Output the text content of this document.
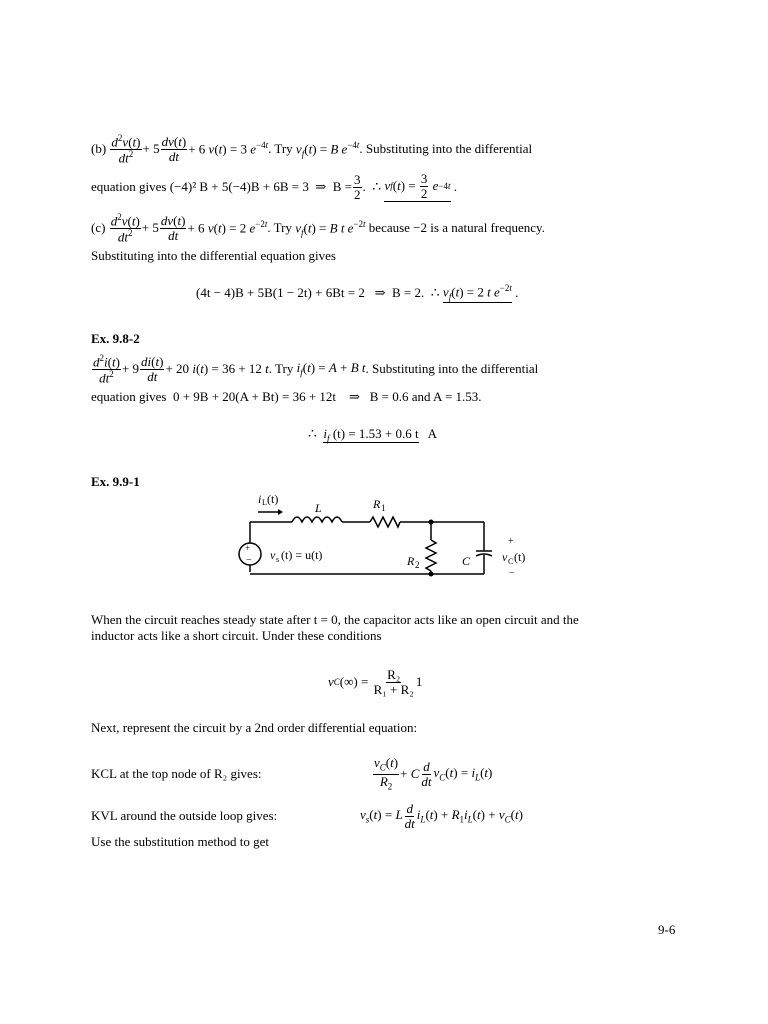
(b)
$\frac{d^2v(t)}{dt^2} + 5 \frac{dv(t)}{dt} + 6$ v(t) = 3 $e^{-4t}$ . Try
$v_f(t) = B$ $e^{-4t}$ . Substituting into the differential
equation gives
(−4)² B + 5(−4)B + 6B = 3
⇒
$B = \frac{3}{2}$ . ∴
v f ( t ) = $\frac{3}{2}$
e −4t .
(c)
$\frac{d^2v(t)}{dt^2} + 5 \frac{dv(t)}{dt} + 6$ v(t) = 2 $e^{-2t}$ . Try
$v_f(t) = B$ t $e^{-2t}$
because −2 is a natural frequency.
Substituting into the differential equation gives
(4t − 4)B + 5B(1 − 2t) + 6Bt = 2
⇒
B = 2.
∴
$v_f(t) = 2$ t $e^{-2t}$ .
Ex. 9.8-2
$\frac{d^2i(t)}{dt^2} + 9 \frac{di(t)}{dt} + 20$ i(t) = 36 + 12 t . Try
$i_f(t) = A + B$ t . Substituting into the differential
equation gives 0 + 9B + 20(A + Bt) = 36 + 12t ⇒ B = 0.6 and A = 1.53.
∴ $i_f$ (t) = 1.53 + 0.6 t A
Ex. 9.9-1
+
−
i L (t)
L	R 1
R 2	C
v s (t) = u(t)
+
v C (t)
−
When the circuit reaches steady state after t = 0, the capacitor acts like an open circuit and the
inductor acts like a short circuit. Under these conditions
v C (∞) =
$\frac{\text{R₂}}{\text{R₁ + R₂}} 1$
Next, represent the circuit by a 2nd order differential equation:
KCL at the top node of R₂ gives:	$\frac{v_C(t)}{R_2} + C \frac{d}{dt} v_C(t) = i_L(t)$
KVL around the outside loop gives:	$v_s(t) = L \frac{d}{dt} i_L(t) + R_1i_L(t) + v_C(t)$
Use the substitution method to get
9-6
